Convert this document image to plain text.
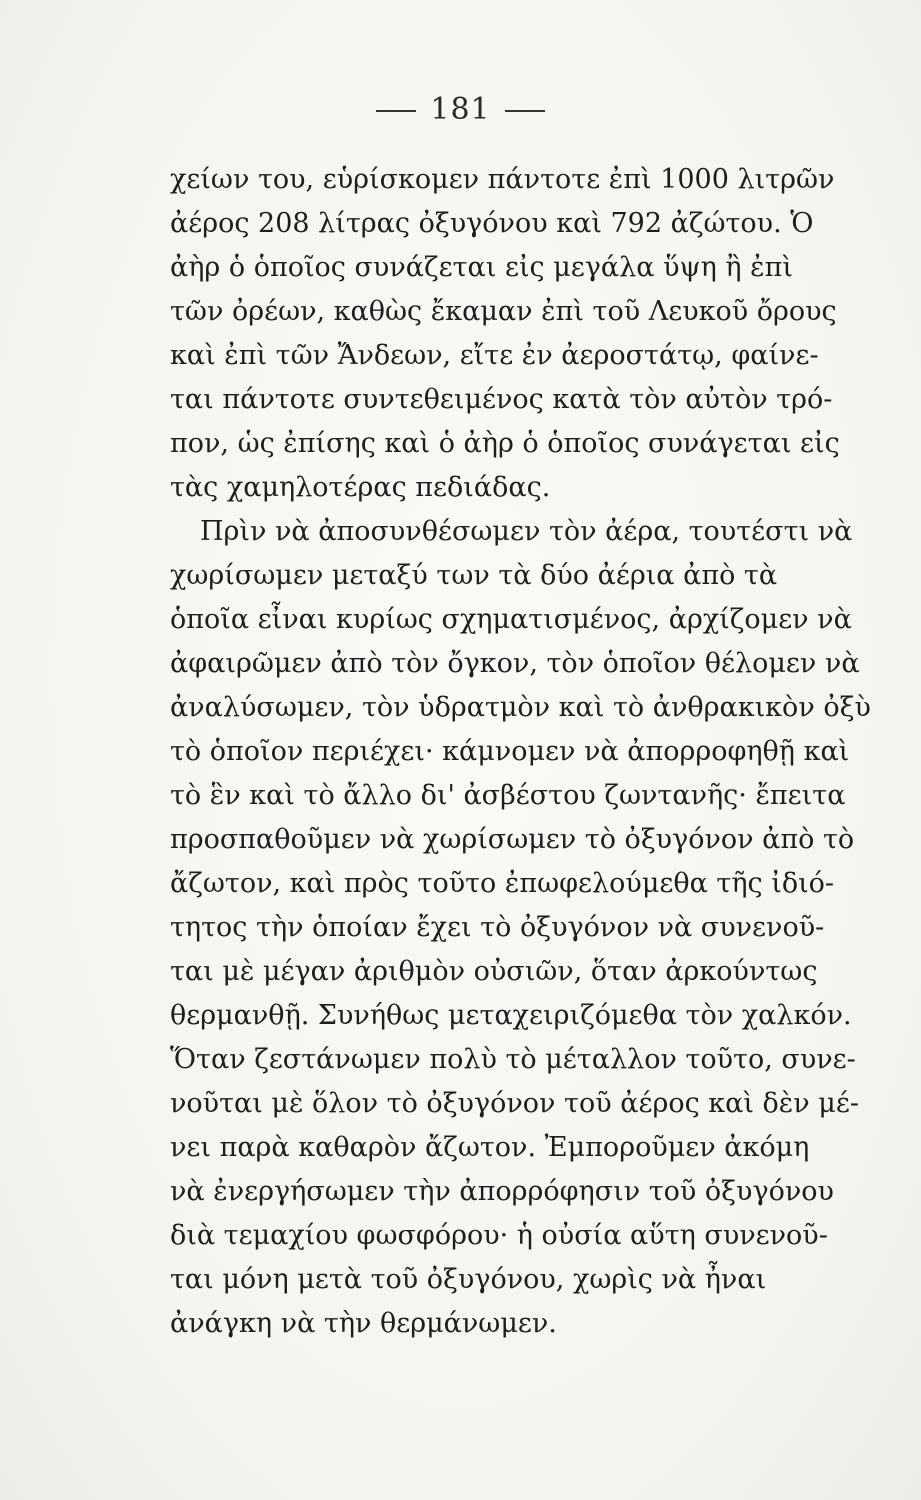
181
χείων του, εὑρίσκομεν πάντοτε ἐπὶ 1000 λιτρῶν
ἀέρος 208 λίτρας ὀξυγόνου καὶ 792 ἀζώτου. Ὁ
ἀὴρ ὁ ὁποῖος συνάζεται εἰς μεγάλα ὕψη ἢ ἐπὶ
τῶν ὀρέων, καθὼς ἔκαμαν ἐπὶ τοῦ Λευκοῦ ὄρους
καὶ ἐπὶ τῶν Ἄνδεων, εἴτε ἐν ἀεροστάτῳ, φαίνε-
ται πάντοτε συντεθειμένος κατὰ τὸν αὐτὸν τρό-
πον, ὡς ἐπίσης καὶ ὁ ἀὴρ ὁ ὁποῖος συνάγεται εἰς
τὰς χαμηλοτέρας πεδιάδας.
Πρὶν νὰ ἀποσυνθέσωμεν τὸν ἀέρα, τουτέστι νὰ
χωρίσωμεν μεταξύ των τὰ δύο ἀέρια ἀπὸ τὰ
ὁποῖα εἶναι κυρίως σχηματισμένος, ἀρχίζομεν νὰ
ἀφαιρῶμεν ἀπὸ τὸν ὄγκον, τὸν ὁποῖον θέλομεν νὰ
ἀναλύσωμεν, τὸν ὑδρατμὸν καὶ τὸ ἀνθρακικὸν ὀξὺ
τὸ ὁποῖον περιέχει· κάμνομεν νὰ ἀπορροφηθῇ καὶ
τὸ ἓν καὶ τὸ ἄλλο δι' ἀσβέστου ζωντανῆς· ἔπειτα
προσπαθοῦμεν νὰ χωρίσωμεν τὸ ὀξυγόνον ἀπὸ τὸ
ἄζωτον, καὶ πρὸς τοῦτο ἐπωφελούμεθα τῆς ἰδιό-
τητος τὴν ὁποίαν ἔχει τὸ ὀξυγόνον νὰ συνενοῦ-
ται μὲ μέγαν ἀριθμὸν οὐσιῶν, ὅταν ἀρκούντως
θερμανθῇ. Συνήθως μεταχειριζόμεθα τὸν χαλκόν.
Ὅταν ζεστάνωμεν πολὺ τὸ μέταλλον τοῦτο, συνε-
νοῦται μὲ ὅλον τὸ ὀξυγόνον τοῦ ἀέρος καὶ δὲν μέ-
νει παρὰ καθαρὸν ἄζωτον. Ἐμποροῦμεν ἀκόμη
νὰ ἐνεργήσωμεν τὴν ἀπορρόφησιν τοῦ ὀξυγόνου
διὰ τεμαχίου φωσφόρου· ἡ οὐσία αὕτη συνενοῦ-
ται μόνη μετὰ τοῦ ὀξυγόνου, χωρὶς νὰ ἦναι
ἀνάγκη νὰ τὴν θερμάνωμεν.
